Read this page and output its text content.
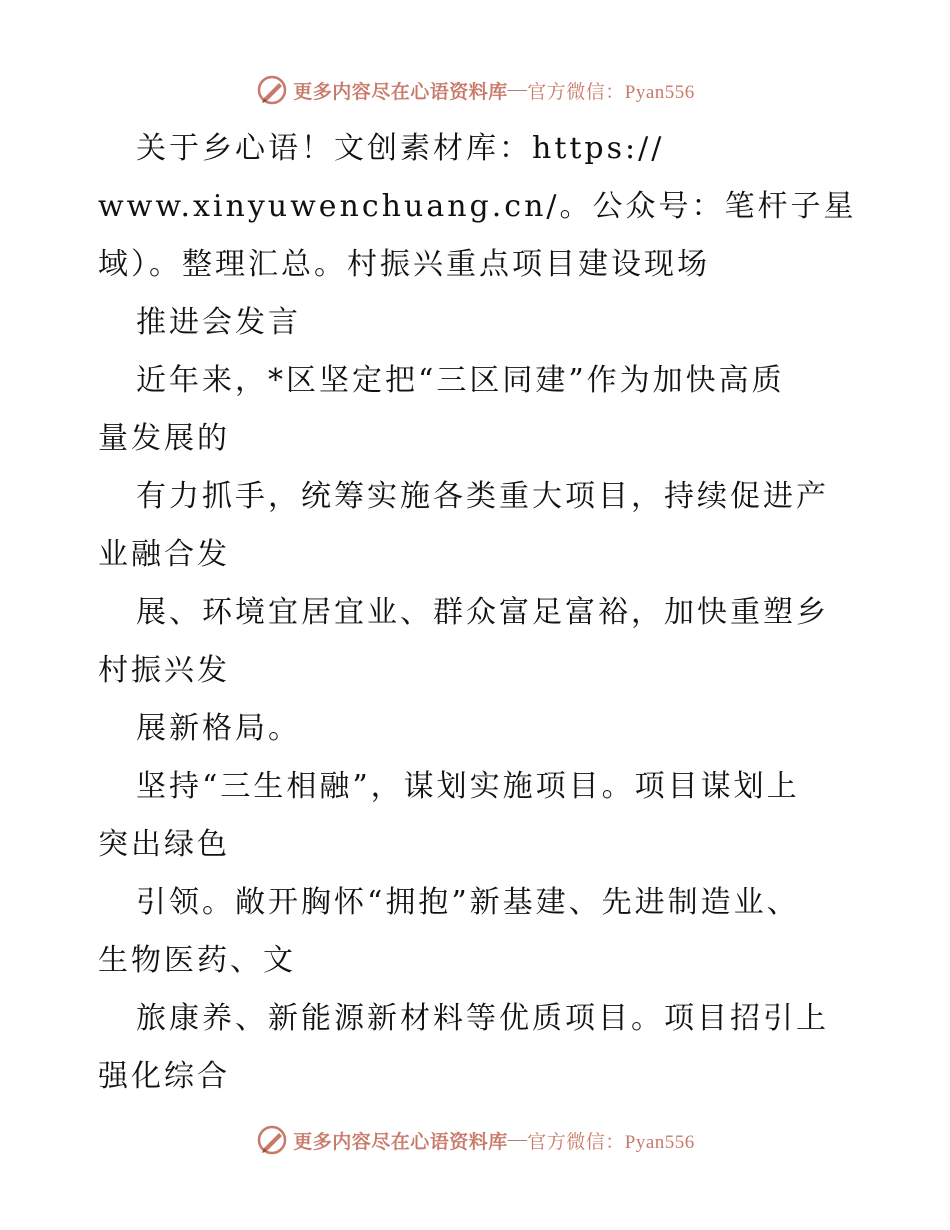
更多内容尽在心语资料库 — 官方微信：Pyan556

关于乡心语！文创素材库：https://

www.xinyuwenchuang.cn/。公众号：笔杆子星

域）。整理汇总。村振兴重点项目建设现场

推进会发言

近年来，*区坚定把“三区同建”作为加快高质

量发展的

有力抓手，统筹实施各类重大项目，持续促进产

业融合发

展、环境宜居宜业、群众富足富裕，加快重塑乡

村振兴发

展新格局。

坚持“三生相融”，谋划实施项目。项目谋划上

突出绿色

引领。敞开胸怀“拥抱”新基建、先进制造业、

生物医药、文

旅康养、新能源新材料等优质项目。项目招引上

强化综合

更多内容尽在心语资料库 — 官方微信：Pyan556
